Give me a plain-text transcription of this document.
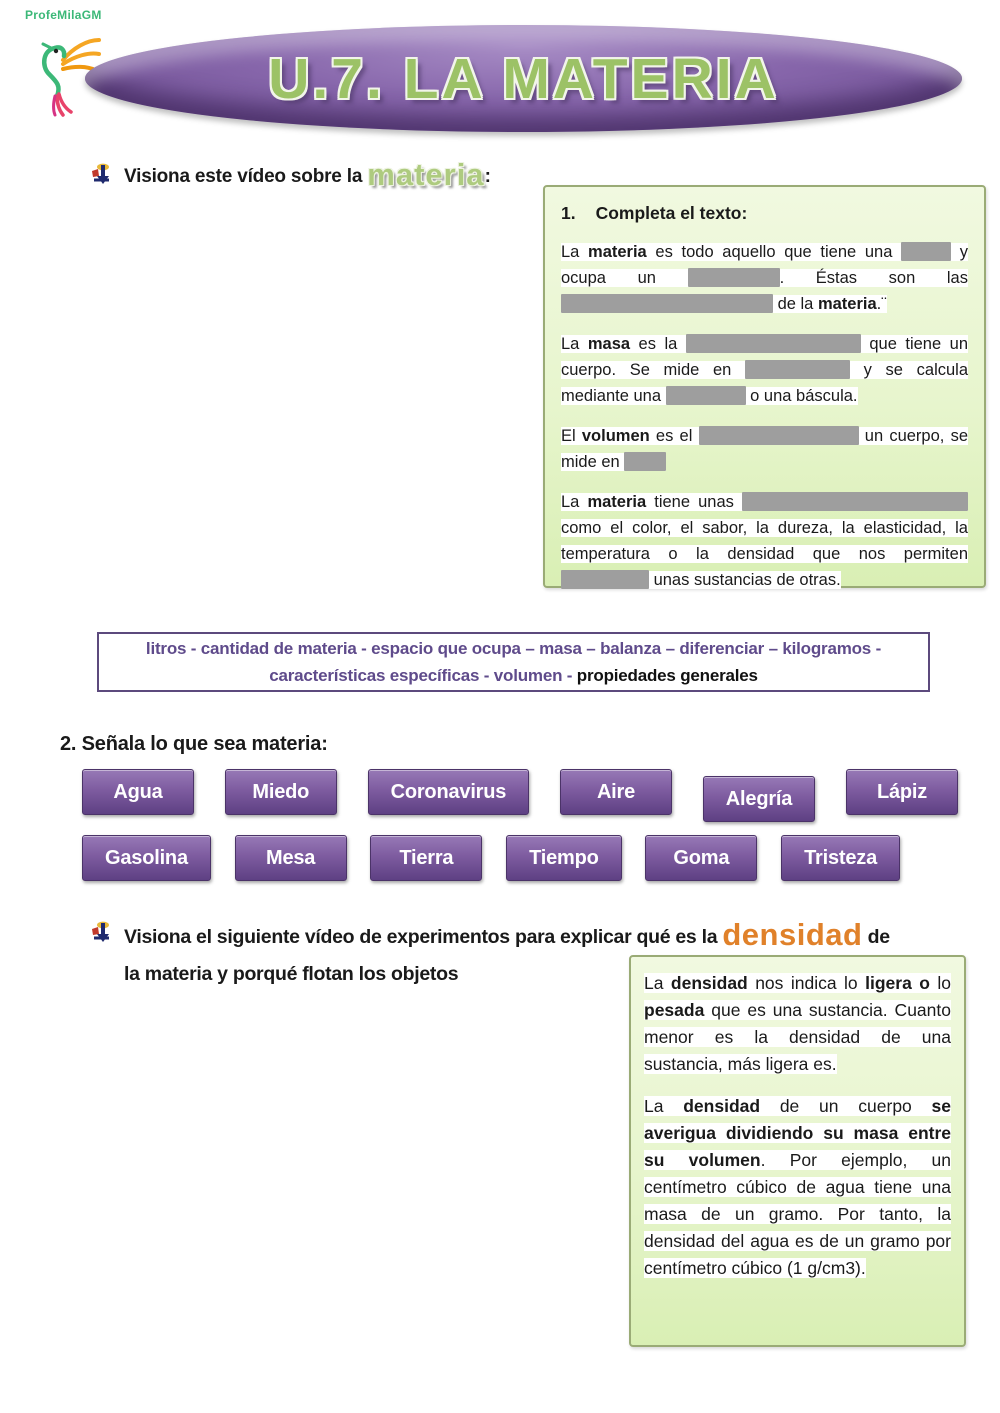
ProfeMilaGM
U.7. LA MATERIA
Visiona este vídeo sobre la materia:
1. Completa el texto:

La materia es todo aquello que tiene una	y ocupa un	. Éstas son las  de la materia.¨

La masa es la	que tiene un cuerpo. Se mide en	y se calcula mediante una	o una báscula.

El volumen es el	un cuerpo, se mide en

La materia tiene unas  como el color, el sabor, la dureza, la elasticidad, la temperatura o la densidad que nos permiten  unas sustancias de otras.

litros - cantidad de materia - espacio que ocupa – masa – balanza – diferenciar – kilogramos -
características específicas - volumen - propiedades generales
2. Señala lo que sea materia:
Agua	Miedo	Coronavirus	Aire	Alegría	Lápiz
Gasolina	Mesa	Tierra	Tiempo	Goma	Tristeza
Visiona el siguiente vídeo de experimentos para explicar qué es la densidad de
la materia y porqué flotan los objetos	La densidad nos indica lo ligera o lo pesada que es una sustancia. Cuanto menor es la densidad de una sustancia, más ligera es.

La densidad de un cuerpo se averigua dividiendo su masa entre su volumen. Por ejemplo, un centímetro cúbico de agua tiene una masa de un gramo. Por tanto, la densidad del agua es de un gramo por centímetro cúbico (1 g/cm3).
